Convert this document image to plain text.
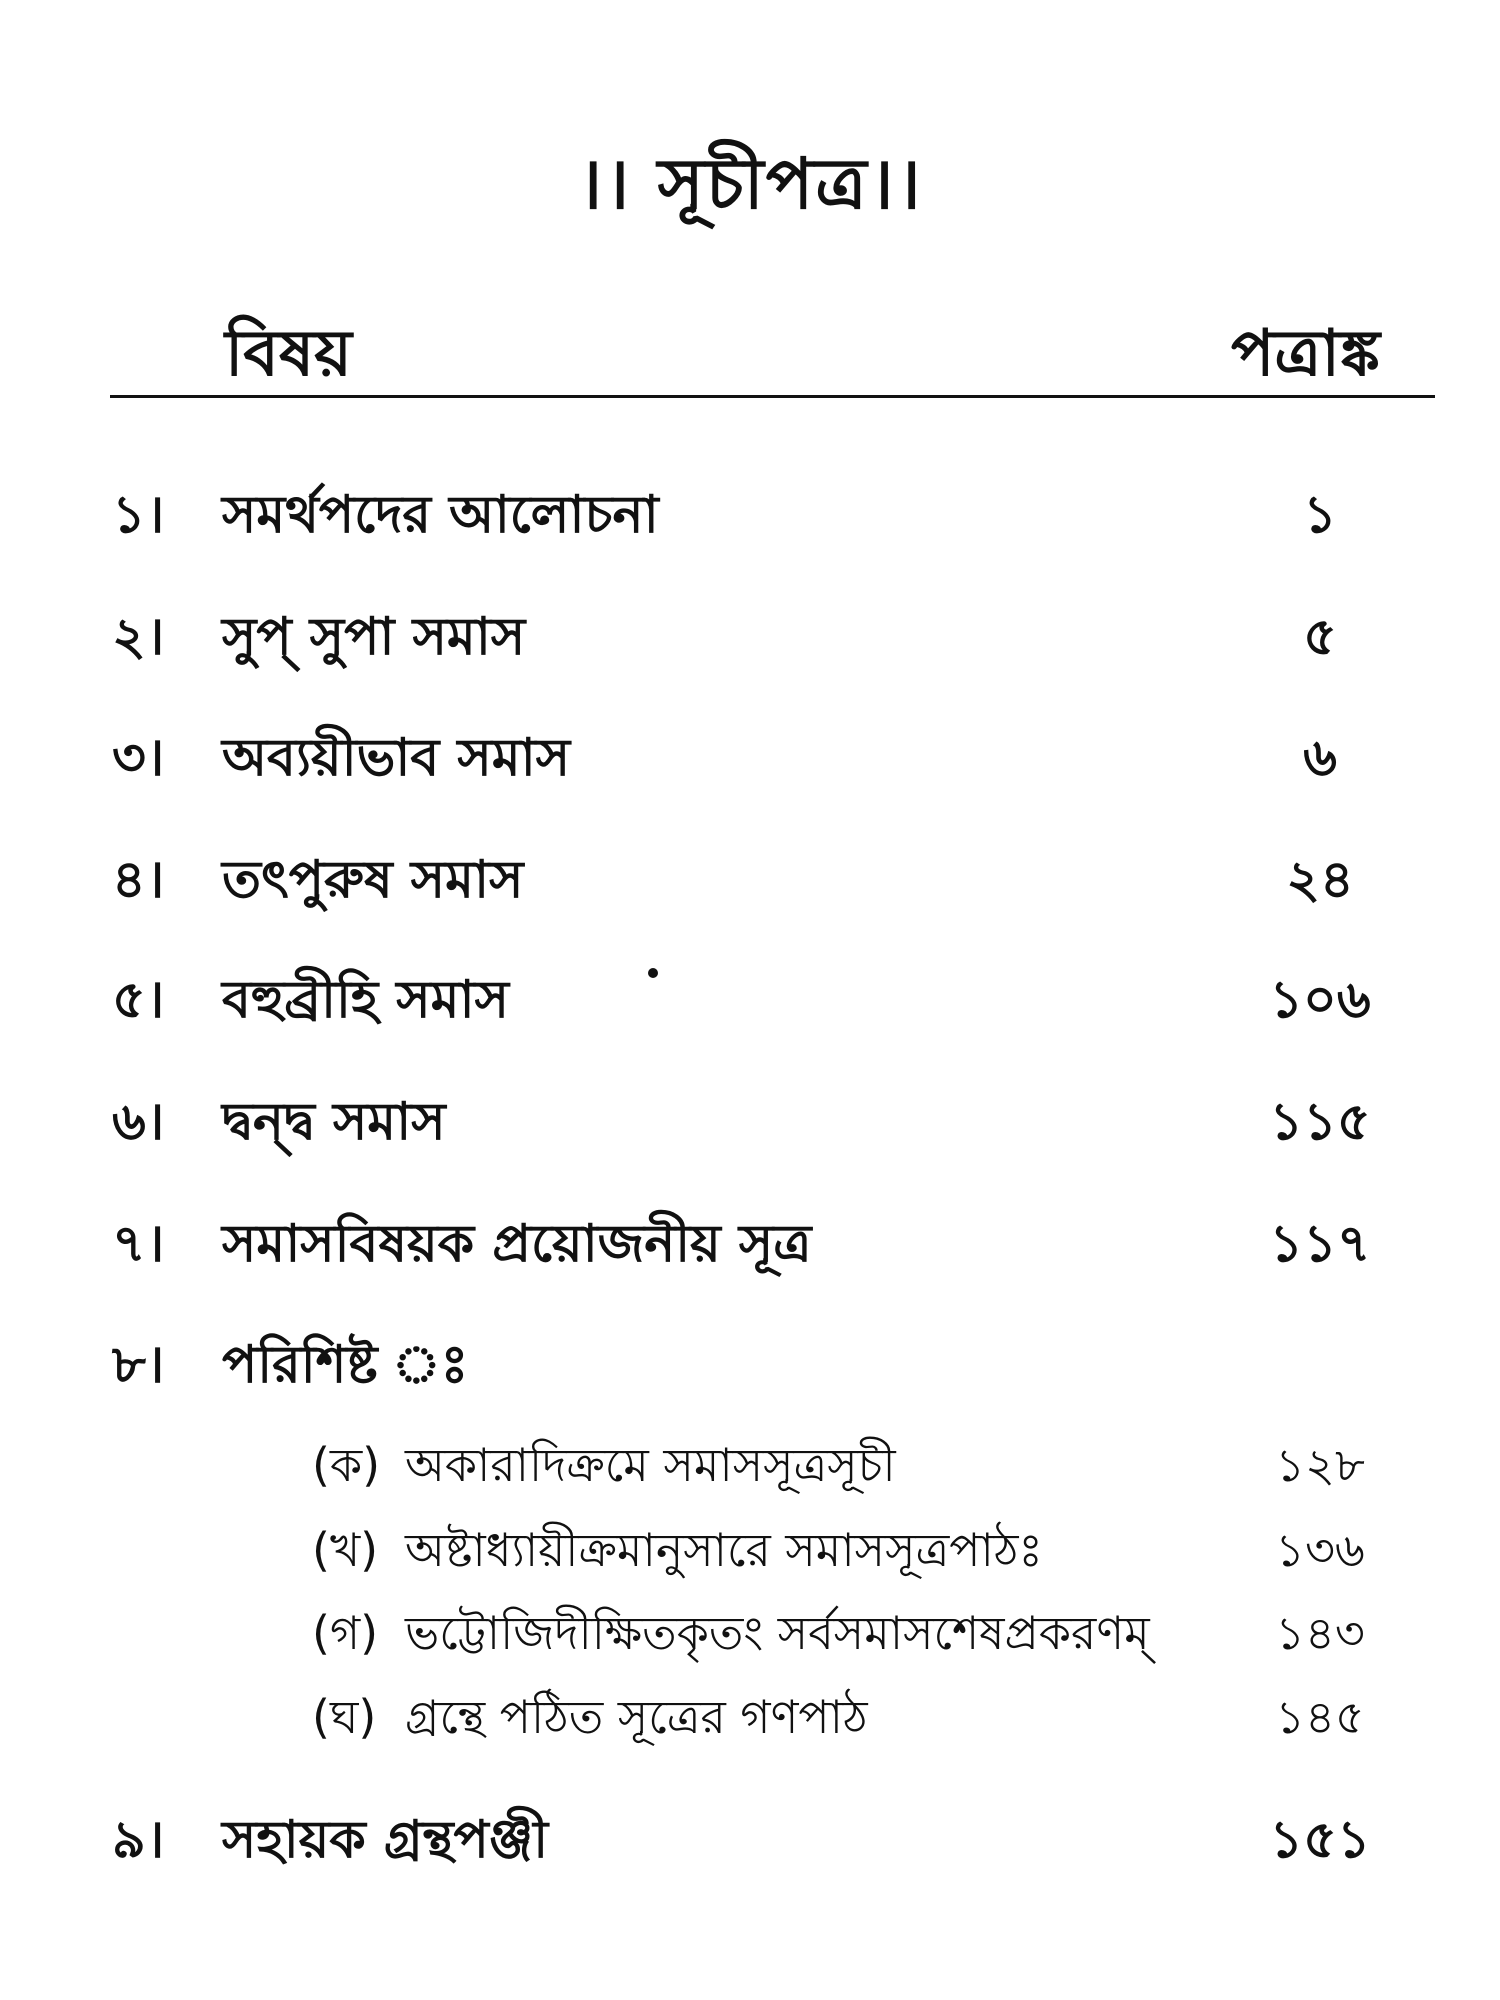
।। সূচীপত্র।।
বিষয়	পত্রাঙ্ক
১। সমর্থপদের আলোচনা	১
২। সুপ্ সুপা সমাস	৫
৩। অব্যয়ীভাব সমাস	৬
৪। তৎপুরুষ সমাস	২৪
৫। বহুব্রীহি সমাস	১০৬
৬। দ্বন্দ্ব সমাস	১১৫
৭। সমাসবিষয়ক প্রয়োজনীয় সূত্র	১১৭
৮। পরিশিষ্ট ঃ
(ক) অকারাদিক্রমে সমাসসূত্রসূচী	১২৮
(খ) অষ্টাধ্যায়ীক্রমানুসারে সমাসসূত্রপাঠঃ	১৩৬
(গ) ভট্টোজিদীক্ষিতকৃতং সর্বসমাসশেষপ্রকরণম্	১৪৩
(ঘ) গ্রন্থে পঠিত সূত্রের গণপাঠ	১৪৫
৯। সহায়ক গ্রন্থপঞ্জী	১৫১
